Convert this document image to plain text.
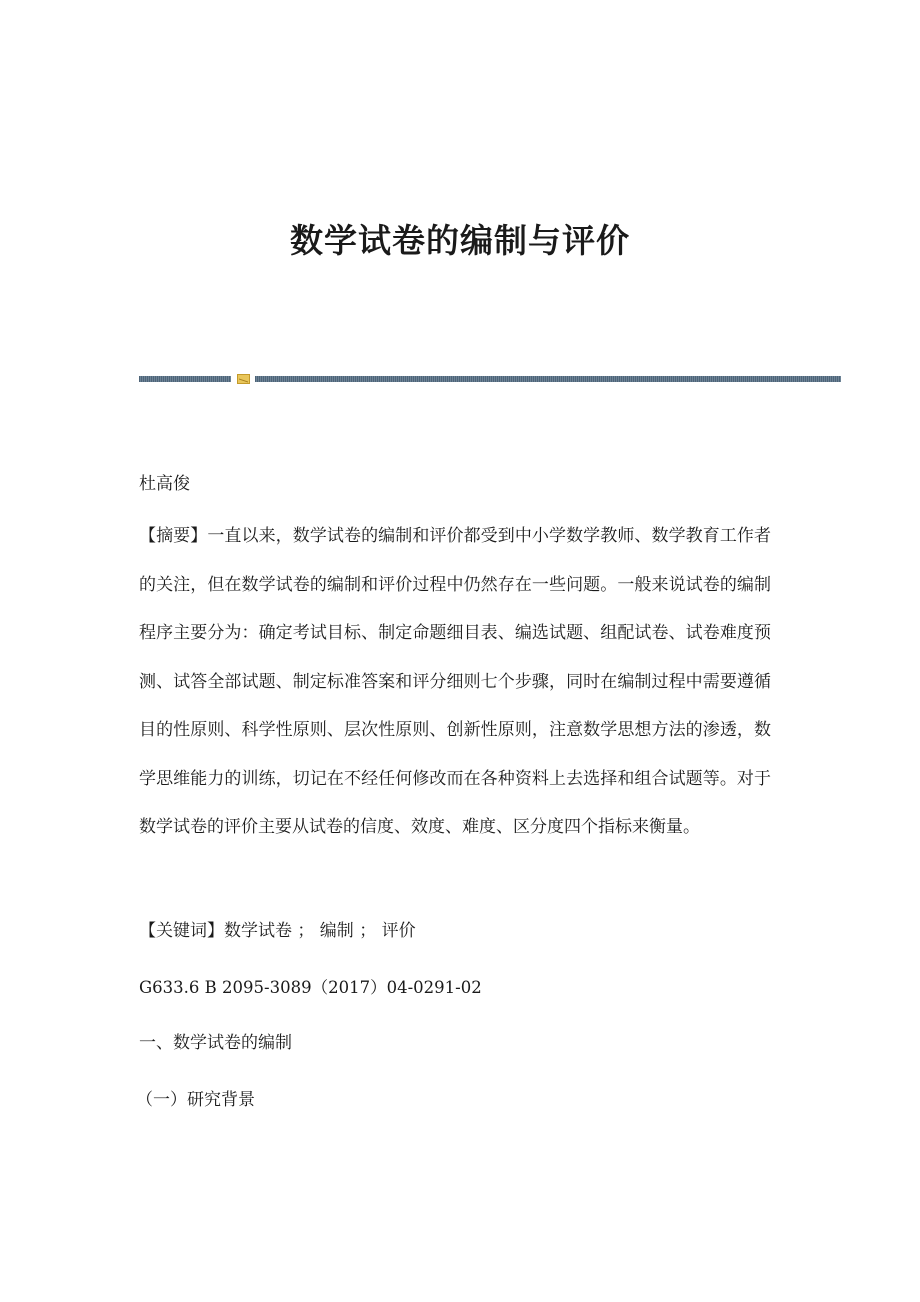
数学试卷的编制与评价

杜高俊

【摘要】一直以来，数学试卷的编制和评价都受到中小学数学教师、数学教育工作者的关注，但在数学试卷的编制和评价过程中仍然存在一些问题。一般来说试卷的编制程序主要分为：确定考试目标、制定命题细目表、编选试题、组配试卷、试卷难度预测、试答全部试题、制定标准答案和评分细则七个步骤，同时在编制过程中需要遵循目的性原则、科学性原则、层次性原则、创新性原则，注意数学思想方法的渗透，数学思维能力的训练，切记在不经任何修改而在各种资料上去选择和组合试题等。对于数学试卷的评价主要从试卷的信度、效度、难度、区分度四个指标来衡量。

【关键词】数学试卷 ； 编制 ； 评价

G633.6 B 2095-3089（2017）04-0291-02

一、数学试卷的编制

（一）研究背景
